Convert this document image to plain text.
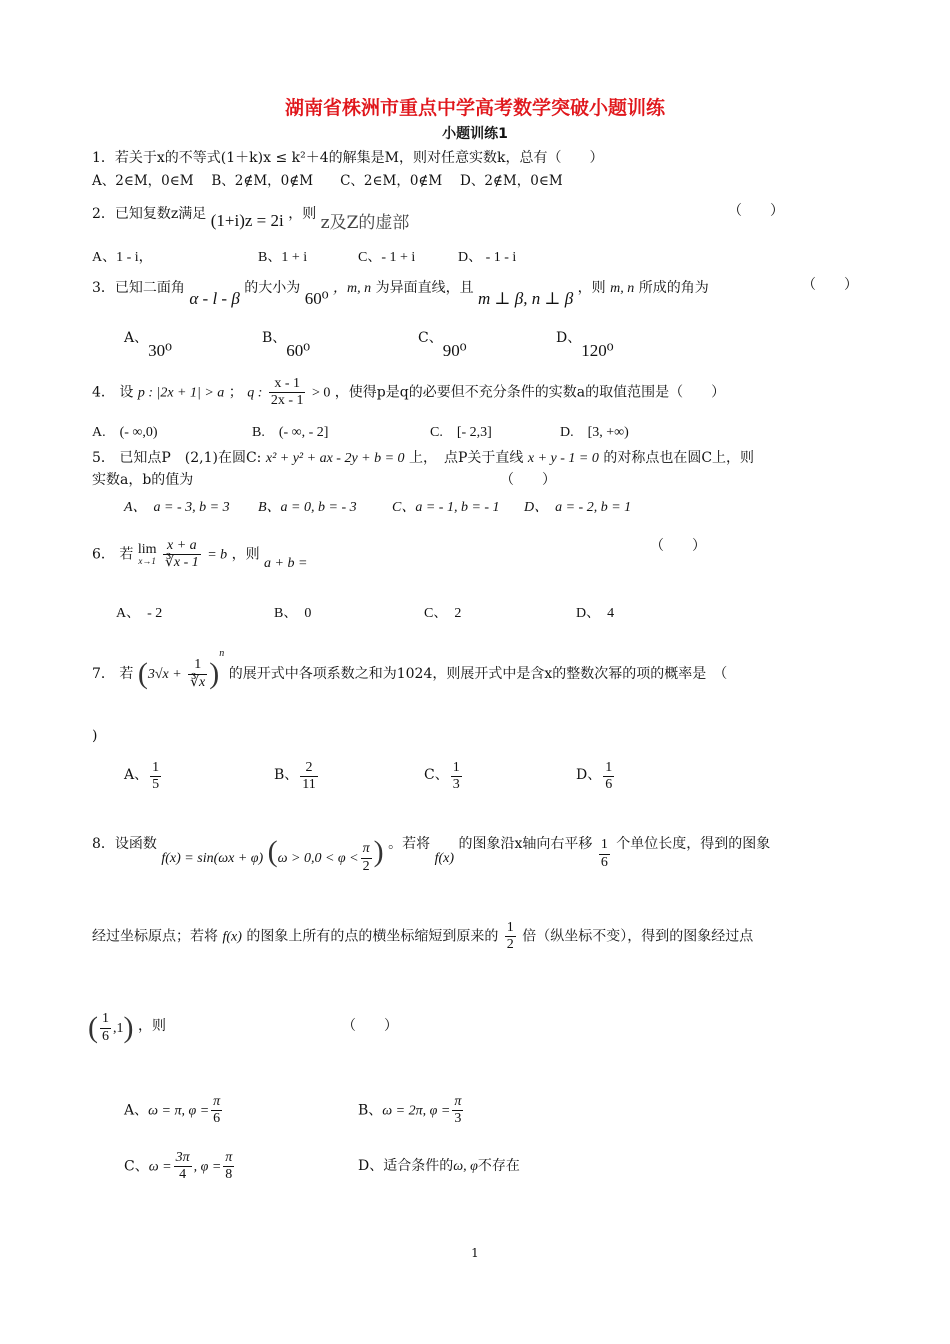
湖南省株洲市重点中学高考数学突破小题训练
小题训练1
1．若关于x的不等式(1＋k)x ≤ k²＋4的解集是M，则对任意实数k，总有（　　）
A、2∈M，0∈M　 B、2∉M，0∉M　　C、2∈M，0∉M　 D、2∉M，0∈M
2．已知复数z满足 (1+i)z = 2i ，则 z及Z的虚部
（　　）
A、1 - i，	B、1 + i	C、- 1 + i	D、 - 1 - i
3．已知二面角 α - l - β 的大小为 60⁰ ，m, n 为异面直线，且 m ⊥ β, n ⊥ β ，则 m, n 所成的角为	（　　）
A、30⁰
B、60⁰
C、90⁰
D、120⁰
4． 设 p : |2x + 1| > a ； q : $\frac{x - 1}{2x - 1} > 0$ ，使得p是q的必要但不充分条件的实数a的取值范围是（　　）
A.　(- ∞,0)	B.　(- ∞, - 2]	C.　[- 2,3]	D.　[3, +∞)
5． 已知点P　(2,1)在圆C: x² + y² + ax - 2y + b = 0 上，　点P关于直线 x + y - 1 = 0 的对称点也在圆C上，则
实数a，b的值为	（　　）
A、　a = - 3, b = 3 B、a = 0, b = - 3	C、a = - 1, b = - 1 D、　a = - 2, b = 1
6． 若 lim
x→1
$\frac{x + a}{∛x - 1} = b$ ，则 a + b =
（　　）
A、　- 2	B、　0	C、　2	D、　4
7． 若 $(3√x + \frac{1}{∛x} )^n$ 的展开式中各项系数之和为1024，则展开式中是含x的整数次幂的项的概率是　（
)
A、 $\frac{1}{5}$	B、 $\frac{2}{11}$	C、 $\frac{1}{3}$	D、 $\frac{1}{6}$
8．设函数 f(x) = sin(ωx + φ) ($\omega > 0,0 < \varphi < \frac{\pi}{2}$ ) 。若将 f(x) 的图象沿x轴向右平移 $\frac{1}{6}$ 个单位长度，得到的图象
经过坐标原点；若将 f(x) 的图象上所有的点的横坐标缩短到原来的 $\frac{1}{2}$ 倍（纵坐标不变），得到的图象经过点
( $\frac{1}{6} ,1$) ，则	（　　）
A、ω = π, $\varphi = \frac{\pi}{6}$	B、ω = 2π, $\varphi = \frac{\pi}{3}$
C、$\omega = \frac{3\pi}{4}$ , $\varphi = \frac{\pi}{8}$	D、适合条件的ω, φ不存在
1
